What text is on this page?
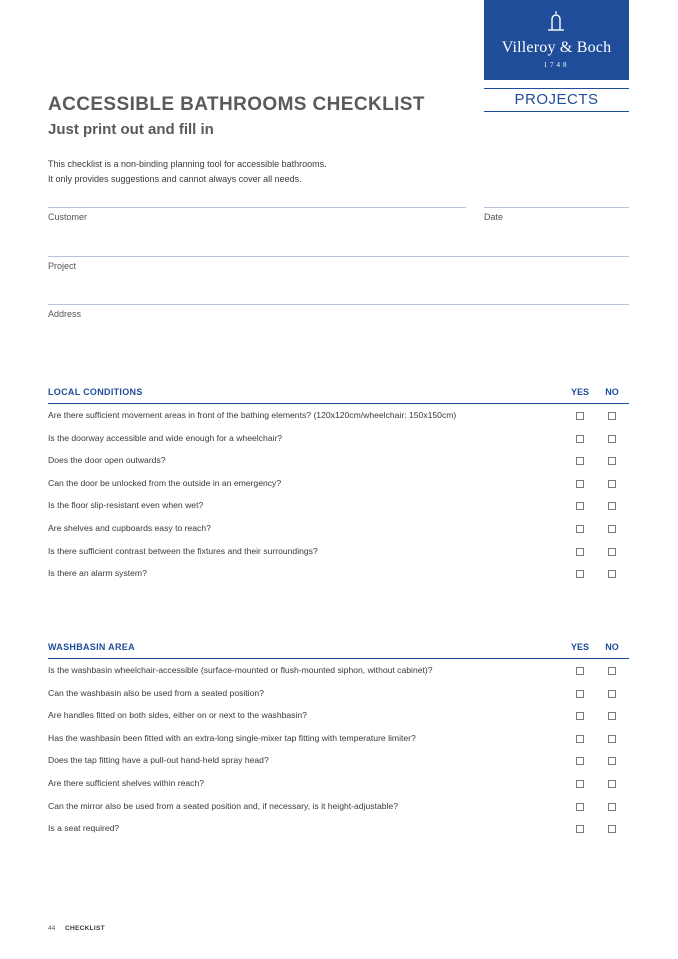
Villeroy & Boch
1748
PROJECTS
ACCESSIBLE BATHROOMS CHECKLIST
Just print out and fill in

This checklist is a non-binding planning tool for accessible bathrooms.
It only provides suggestions and cannot always cover all needs.

Customer	Date
Project
Address
LOCAL CONDITIONS	YES	NO
Are there sufficient movement areas in front of the bathing elements? (120x120cm/wheelchair: 150x150cm)
Is the doorway accessible and wide enough for a wheelchair?
Does the door open outwards?
Can the door be unlocked from the outside in an emergency?
Is the floor slip-resistant even when wet?
Are shelves and cupboards easy to reach?
Is there sufficient contrast between the fixtures and their surroundings?
Is there an alarm system?
WASHBASIN AREA	YES	NO
Is the washbasin wheelchair-accessible (surface-mounted or flush-mounted siphon, without cabinet)?
Can the washbasin also be used from a seated position?
Are handles fitted on both sides, either on or next to the washbasin?
Has the washbasin been fitted with an extra-long single-mixer tap fitting with temperature limiter?
Does the tap fitting have a pull-out hand-held spray head?
Are there sufficient shelves within reach?
Can the mirror also be used from a seated position and, if necessary, is it height-adjustable?
Is a seat required?
44 CHECKLIST
